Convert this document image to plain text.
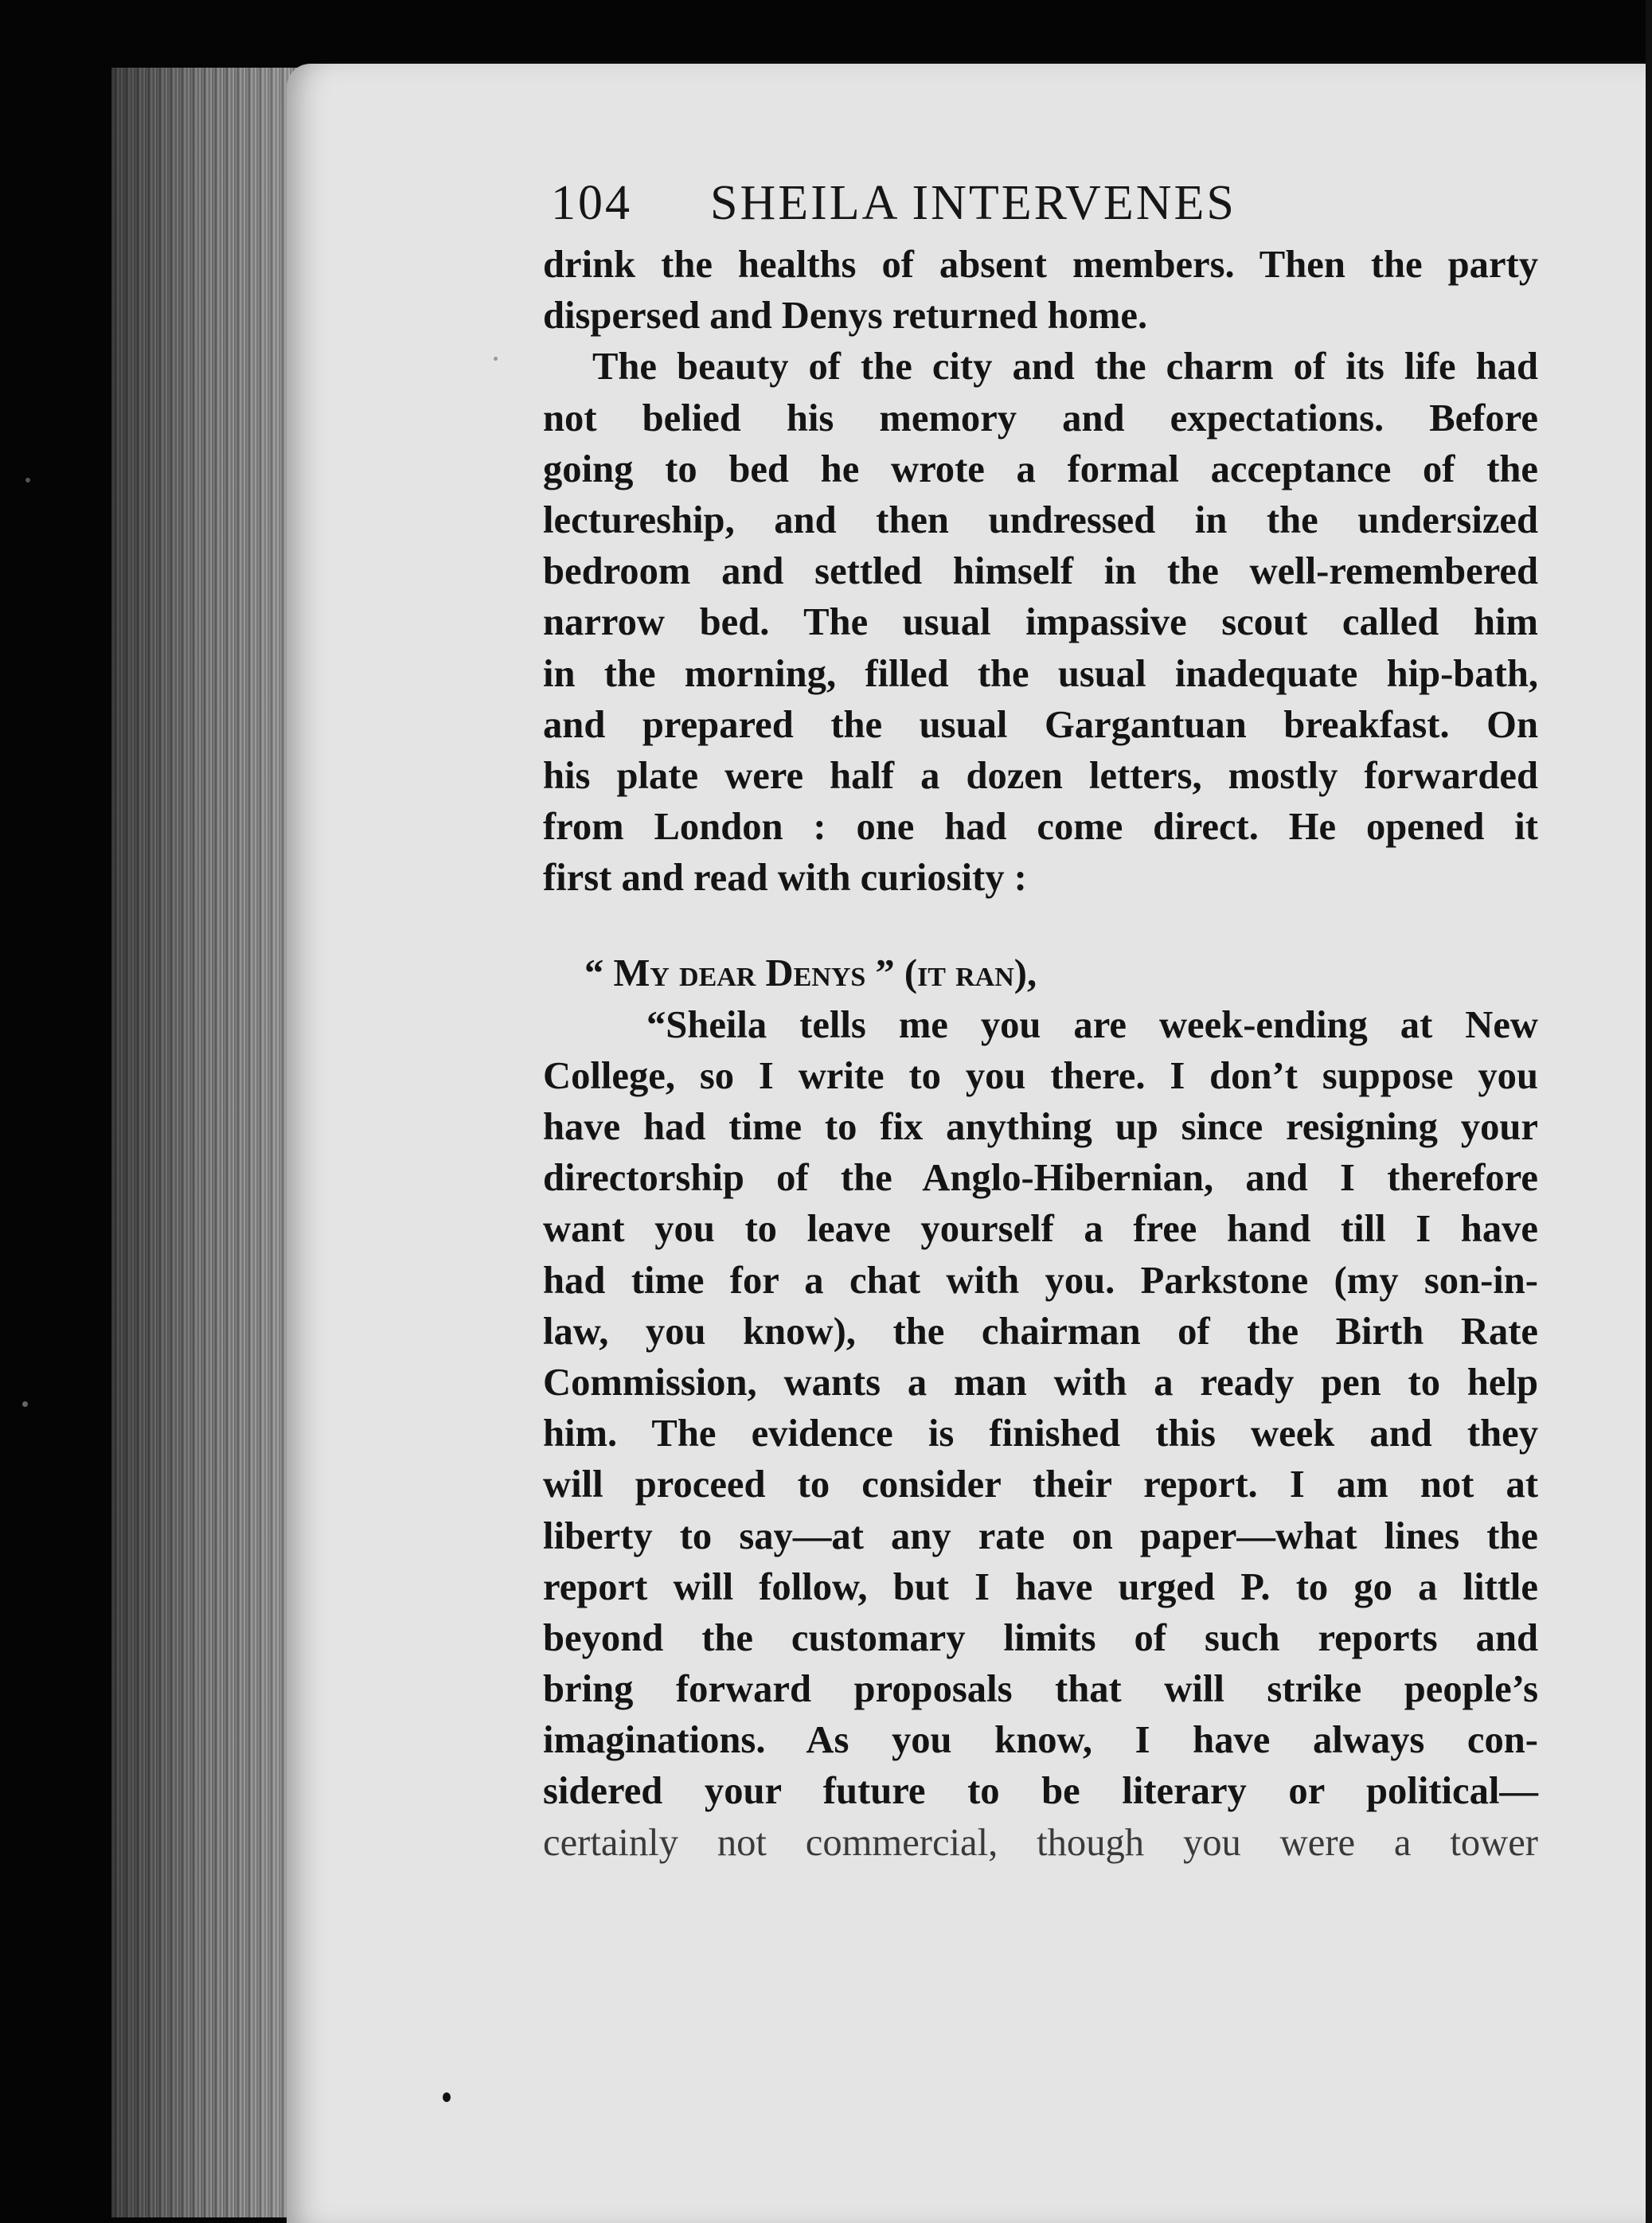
104 SHEILA INTERVENES
drink the healths of absent members. Then the party
dispersed and Denys returned home.
The beauty of the city and the charm of its life had
not belied his memory and expectations. Before
going to bed he wrote a formal acceptance of the
lectureship, and then undressed in the undersized
bedroom and settled himself in the well-remembered
narrow bed. The usual impassive scout called him
in the morning, filled the usual inadequate hip-bath,
and prepared the usual Gargantuan breakfast. On
his plate were half a dozen letters, mostly forwarded
from London : one had come direct. He opened it
first and read with curiosity :
“ My dear Denys ” (it ran),
“Sheila tells me you are week-ending at New
College, so I write to you there. I don’t suppose you
have had time to fix anything up since resigning your
directorship of the Anglo-Hibernian, and I therefore
want you to leave yourself a free hand till I have
had time for a chat with you. Parkstone (my son-in-
law, you know), the chairman of the Birth Rate
Commission, wants a man with a ready pen to help
him. The evidence is finished this week and they
will proceed to consider their report. I am not at
liberty to say—at any rate on paper—what lines the
report will follow, but I have urged P. to go a little
beyond the customary limits of such reports and
bring forward proposals that will strike people’s
imaginations. As you know, I have always con-
sidered your future to be literary or political—
certainly not commercial, though you were a tower
